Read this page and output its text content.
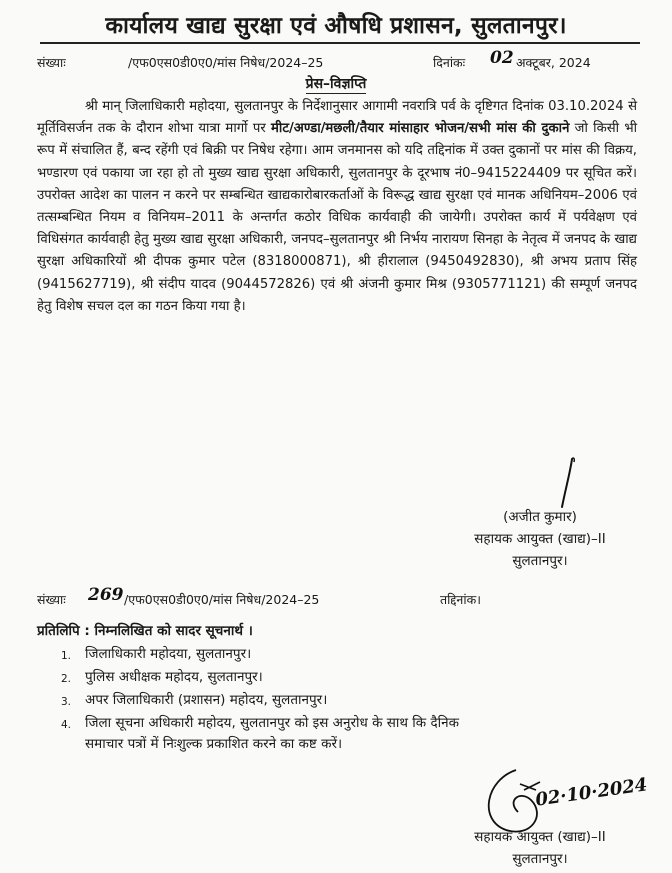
कार्यालय खाद्य सुरक्षा एवं औषधि प्रशासन, सुलतानपुर।
संख्याः	/एफ0एस0डी0ए0/मांस निषेध/2024–25	दिनांकः 02 अक्टूबर, 2024
प्रेस–विज्ञप्ति

श्री मान् जिलाधिकारी महोदया, सुलतानपुर के निर्देशानुसार आगामी नवरात्रि पर्व के दृष्टिगत दिनांक 03.10.2024 से मूर्तिविसर्जन तक के दौरान शोभा यात्रा मार्गो पर मीट/अण्डा/मछली/तैयार मांसाहार भोजन/सभी मांस की दुकाने जो किसी भी रूप में संचालित हैं, बन्द रहेंगी एवं बिक्री पर निषेध रहेगा। आम जनमानस को यदि तद्दिनांक में उक्त दुकानों पर मांस की विक्रय, भण्डारण एवं पकाया जा रहा हो तो मुख्य खाद्य सुरक्षा अधिकारी, सुलतानपुर के दूरभाष नं0–9415224409 पर सूचित करें। उपरोक्त आदेश का पालन न करने पर सम्बन्धित खाद्यकारोबारकर्ताओं के विरूद्ध खाद्य सुरक्षा एवं मानक अधिनियम–2006 एवं तत्सम्बन्धित नियम व विनियम–2011 के अन्तर्गत कठोर विधिक कार्यवाही की जायेगी। उपरोक्त कार्य में पर्यवेक्षण एवं विधिसंगत कार्यवाही हेतु मुख्य खाद्य सुरक्षा अधिकारी, जनपद–सुलतानपुर श्री निर्भय नारायण सिनहा के नेतृत्व में जनपद के खाद्य सुरक्षा अधिकारियों श्री दीपक कुमार पटेल (8318000871), श्री हीरालाल (9450492830), श्री अभय प्रताप सिंह (9415627719), श्री संदीप यादव (9044572826) एवं श्री अंजनी कुमार मिश्र (9305771121) की सम्पूर्ण जनपद हेतु विशेष सचल दल का गठन किया गया है।

(अजीत कुमार)
सहायक आयुक्त (खाद्य)–II
सुलतानपुर।
संख्याः 269 /एफ0एस0डी0ए0/मांस निषेध/2024–25	तद्दिनांक।
प्रतिलिपि : निम्नलिखित को सादर सूचनार्थ ।
1.	जिलाधिकारी महोदया, सुलतानपुर।
2.	पुलिस अधीक्षक महोदय, सुलतानपुर।
3.	अपर जिलाधिकारी (प्रशासन) महोदय, सुलतानपुर।
4.	जिला सूचना अधिकारी महोदय, सुलतानपुर को इस अनुरोध के साथ कि दैनिक समाचार पत्रों में निःशुल्क प्रकाशित करने का कष्ट करें।
02·10·2024
सहायक आयुक्त (खाद्य)–II
सुलतानपुर।
